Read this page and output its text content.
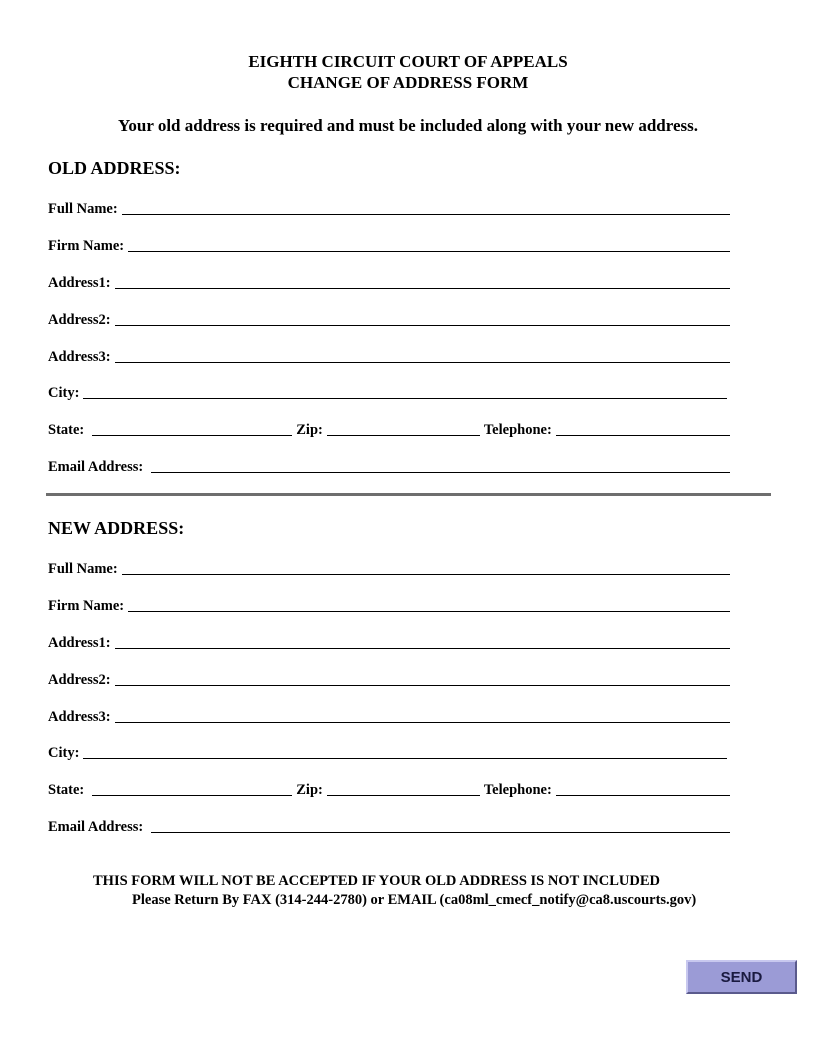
EIGHTH CIRCUIT COURT OF APPEALS
CHANGE OF ADDRESS FORM
Your old address is required and must be included along with your new address.
OLD ADDRESS:
Full Name:
Firm Name:
Address1:
Address2:
Address3:
City:
State:	Zip:	Telephone:
Email Address:
NEW ADDRESS:
Full Name:
Firm Name:
Address1:
Address2:
Address3:
City:
State:	Zip:	Telephone:
Email Address:
THIS FORM WILL NOT BE ACCEPTED IF YOUR OLD ADDRESS IS NOT INCLUDED
Please Return By FAX (314-244-2780) or EMAIL (ca08ml_cmecf_notify@ca8.uscourts.gov)
SEND
